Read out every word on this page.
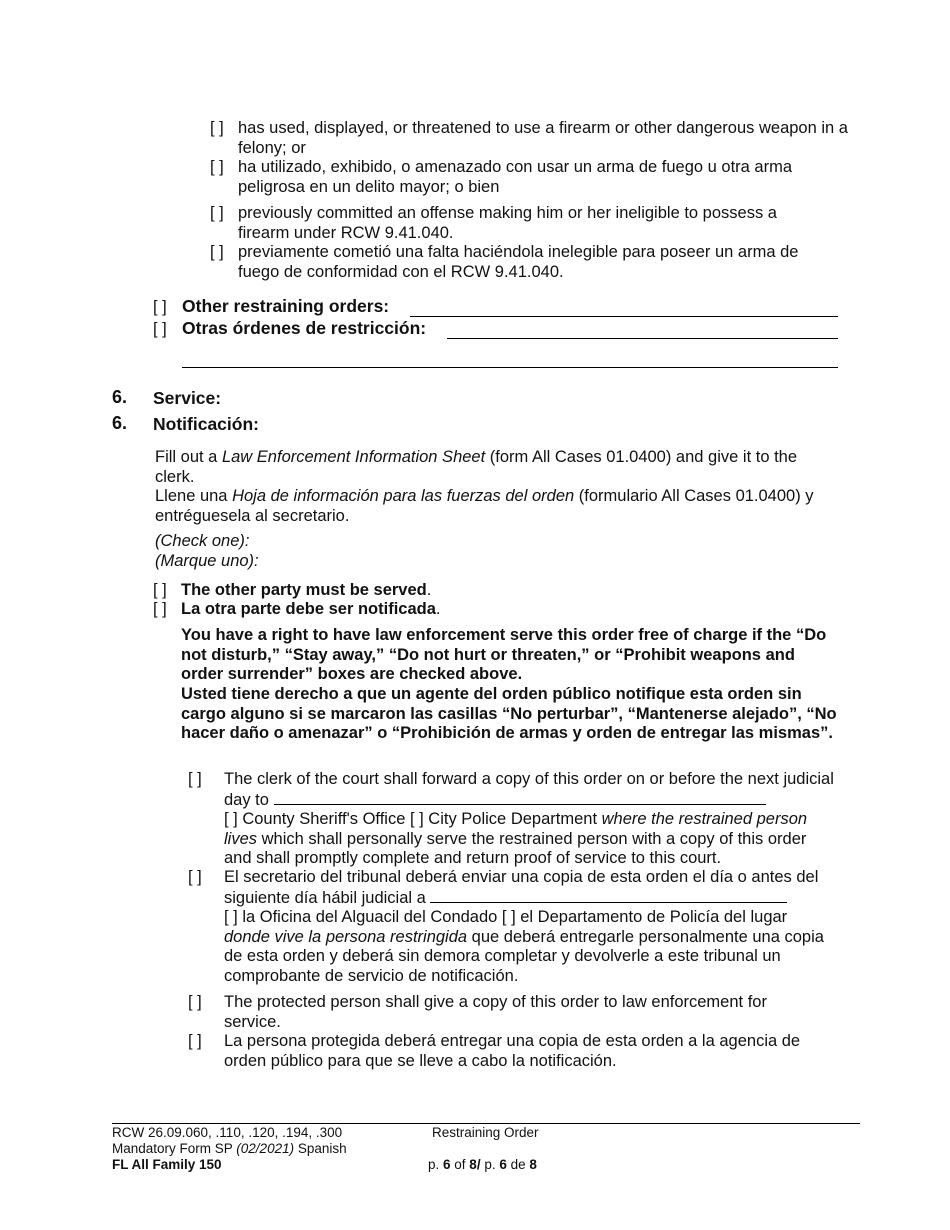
[ ] has used, displayed, or threatened to use a firearm or other dangerous weapon in a felony; or
[ ] ha utilizado, exhibido, o amenazado con usar un arma de fuego u otra arma peligrosa en un delito mayor; o bien
[ ] previously committed an offense making him or her ineligible to possess a firearm under RCW 9.41.040.
[ ] previamente cometió una falta haciéndola inelegible para poseer un arma de fuego de conformidad con el RCW 9.41.040.
[ ] Other restraining orders:
[ ] Otras órdenes de restricción:
6. Service:
6. Notificación:
Fill out a Law Enforcement Information Sheet (form All Cases 01.0400) and give it to the clerk.
Llene una Hoja de información para las fuerzas del orden (formulario All Cases 01.0400) y entréguesela al secretario.
(Check one):
(Marque uno):
[ ] The other party must be served.
[ ] La otra parte debe ser notificada.
You have a right to have law enforcement serve this order free of charge if the “Do not disturb,” “Stay away,” “Do not hurt or threaten,” or “Prohibit weapons and order surrender” boxes are checked above.
Usted tiene derecho a que un agente del orden público notifique esta orden sin cargo alguno si se marcaron las casillas “No perturbar”, “Mantenerse alejado”, “No hacer daño o amenazar” o “Prohibición de armas y orden de entregar las mismas”.
[ ] The clerk of the court shall forward a copy of this order on or before the next judicial day to
[ ] County Sheriff's Office [ ] City Police Department where the restrained person lives which shall personally serve the restrained person with a copy of this order and shall promptly complete and return proof of service to this court.
[ ] El secretario del tribunal deberá enviar una copia de esta orden el día o antes del siguiente día hábil judicial a
[ ] la Oficina del Alguacil del Condado [ ] el Departamento de Policía del lugar donde vive la persona restringida que deberá entregarle personalmente una copia de esta orden y deberá sin demora completar y devolverle a este tribunal un comprobante de servicio de notificación.
[ ] The protected person shall give a copy of this order to law enforcement for service.
[ ] La persona protegida deberá entregar una copia de esta orden a la agencia de orden público para que se lleve a cabo la notificación.
RCW 26.09.060, .110, .120, .194, .300
Mandatory Form SP (02/2021) Spanish
FL All Family 150
Restraining Order
p. 6 of 8/ p. 6 de 8
